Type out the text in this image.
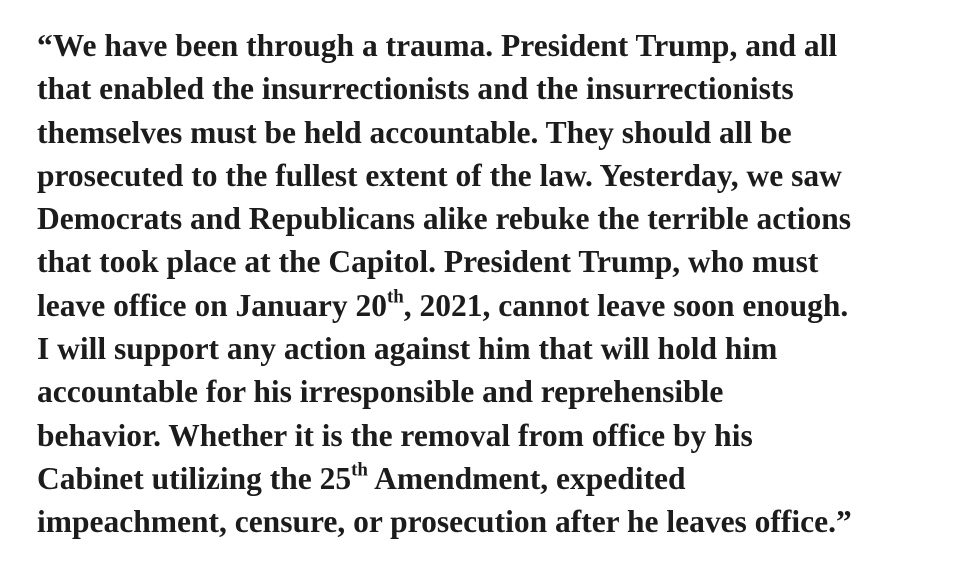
“We have been through a trauma. President Trump, and all
that enabled the insurrectionists and the insurrectionists
themselves must be held accountable. They should all be
prosecuted to the fullest extent of the law. Yesterday, we saw
Democrats and Republicans alike rebuke the terrible actions
that took place at the Capitol. President Trump, who must
leave office on January 20th, 2021, cannot leave soon enough.
I will support any action against him that will hold him
accountable for his irresponsible and reprehensible
behavior. Whether it is the removal from office by his
Cabinet utilizing the 25th Amendment, expedited
impeachment, censure, or prosecution after he leaves office.”
